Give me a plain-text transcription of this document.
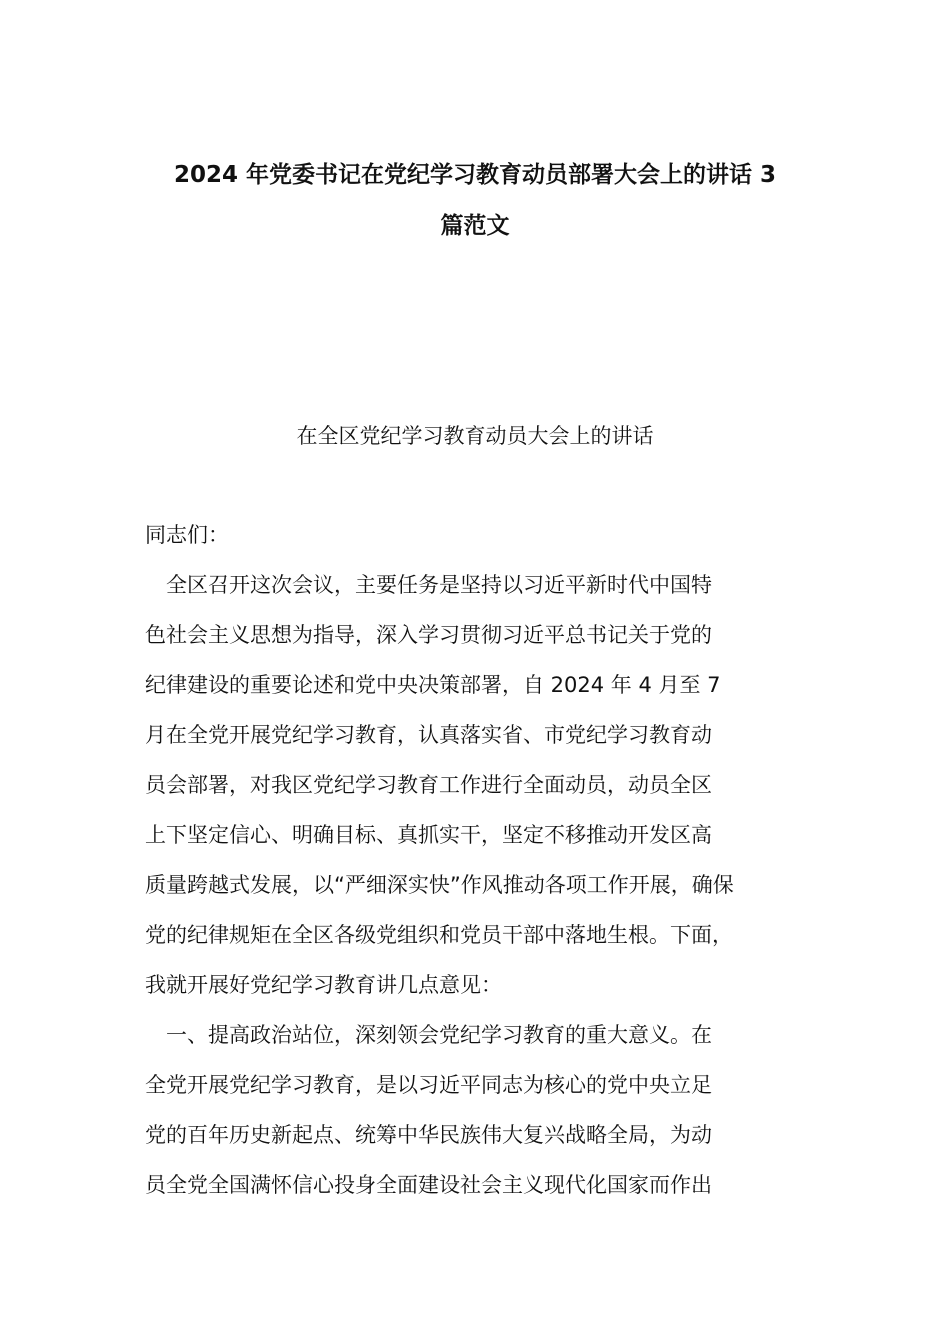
2024 年党委书记在党纪学习教育动员部署大会上的讲话 3
篇范文
在全区党纪学习教育动员大会上的讲话

同志们：

　全区召开这次会议，主要任务是坚持以习近平新时代中国特

色社会主义思想为指导，深入学习贯彻习近平总书记关于党的

纪律建设的重要论述和党中央决策部署，自 2024 年 4 月至 7

月在全党开展党纪学习教育，认真落实省、市党纪学习教育动

员会部署，对我区党纪学习教育工作进行全面动员，动员全区

上下坚定信心、明确目标、真抓实干，坚定不移推动开发区高

质量跨越式发展，以“严细深实快”作风推动各项工作开展，确保

党的纪律规矩在全区各级党组织和党员干部中落地生根。下面，

我就开展好党纪学习教育讲几点意见：

　一、提高政治站位，深刻领会党纪学习教育的重大意义。在

全党开展党纪学习教育，是以习近平同志为核心的党中央立足

党的百年历史新起点、统筹中华民族伟大复兴战略全局，为动

员全党全国满怀信心投身全面建设社会主义现代化国家而作出
